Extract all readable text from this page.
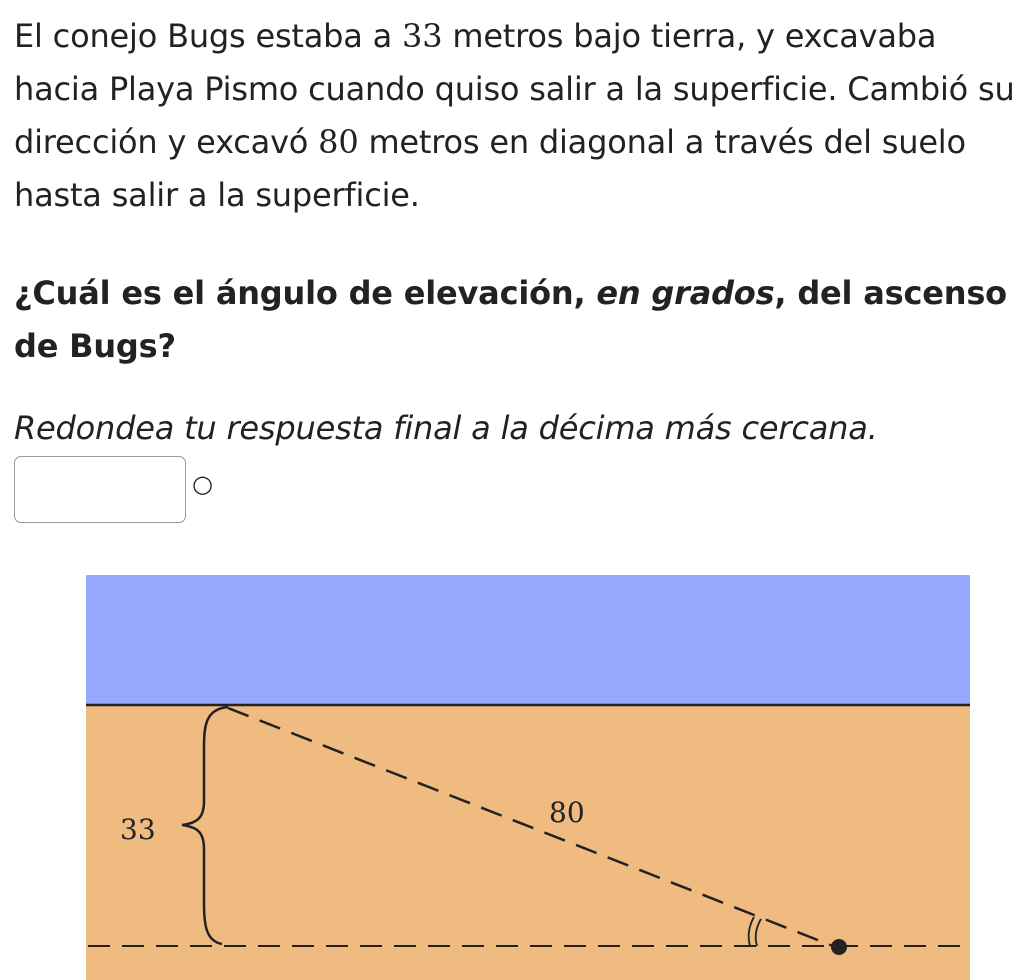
El conejo Bugs estaba a 33 metros bajo tierra, y excavaba hacia Playa Pismo cuando quiso salir a la superficie. Cambió su dirección y excavó 80 metros en diagonal a través del suelo hasta salir a la superficie.

¿Cuál es el ángulo de elevación, en grados, del ascenso de Bugs?

Redondea tu respuesta final a la décima más cercana.

○
33
80
